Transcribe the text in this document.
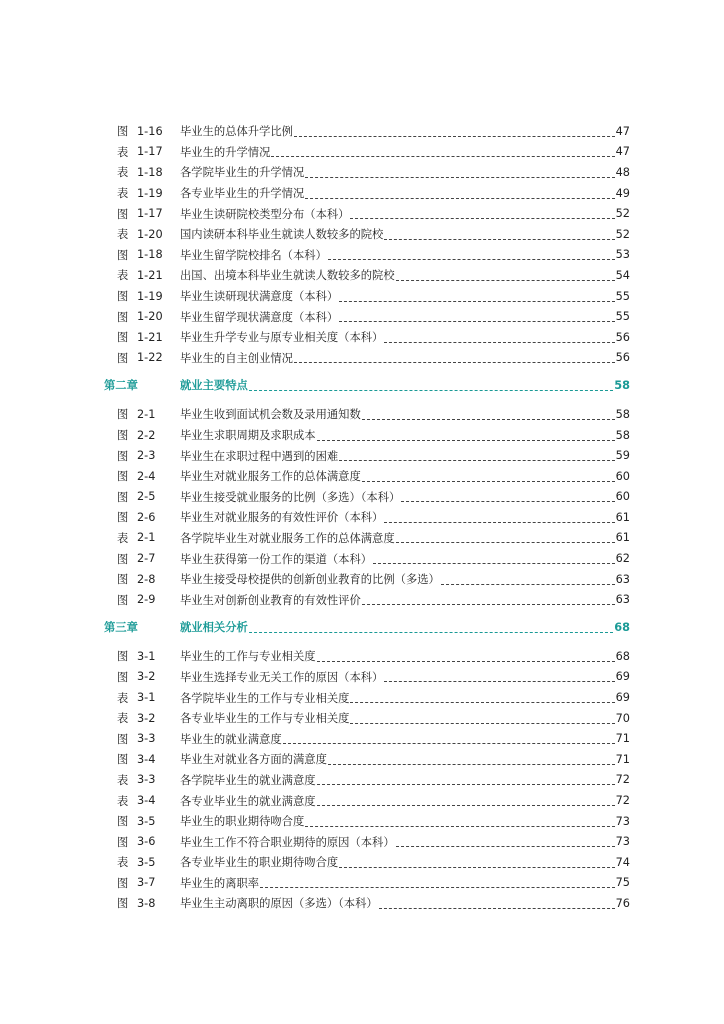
图 1-16 毕业生的总体升学比例	47
表 1-17 毕业生的升学情况	47
表 1-18 各学院毕业生的升学情况	48
表 1-19 各专业毕业生的升学情况	49
图 1-17 毕业生读研院校类型分布（本科）	52
表 1-20 国内读研本科毕业生就读人数较多的院校	52
图 1-18 毕业生留学院校排名（本科）	53
表 1-21 出国、出境本科毕业生就读人数较多的院校	54
图 1-19 毕业生读研现状满意度（本科）	55
图 1-20 毕业生留学现状满意度（本科）	55
图 1-21 毕业生升学专业与原专业相关度（本科）	56
图 1-22 毕业生的自主创业情况	56
第二章	就业主要特点	58
图 2-1 毕业生收到面试机会数及录用通知数	58
图 2-2 毕业生求职周期及求职成本	58
图 2-3 毕业生在求职过程中遇到的困难	59
图 2-4 毕业生对就业服务工作的总体满意度	60
图 2-5 毕业生接受就业服务的比例（多选）（本科）	60
图 2-6 毕业生对就业服务的有效性评价（本科）	61
表 2-1 各学院毕业生对就业服务工作的总体满意度	61
图 2-7 毕业生获得第一份工作的渠道（本科）	62
图 2-8 毕业生接受母校提供的创新创业教育的比例（多选）	63
图 2-9 毕业生对创新创业教育的有效性评价	63
第三章	就业相关分析	68
图 3-1 毕业生的工作与专业相关度	68
图 3-2 毕业生选择专业无关工作的原因（本科）	69
表 3-1 各学院毕业生的工作与专业相关度	69
表 3-2 各专业毕业生的工作与专业相关度	70
图 3-3 毕业生的就业满意度	71
图 3-4 毕业生对就业各方面的满意度	71
表 3-3 各学院毕业生的就业满意度	72
表 3-4 各专业毕业生的就业满意度	72
图 3-5 毕业生的职业期待吻合度	73
图 3-6 毕业生工作不符合职业期待的原因（本科）	73
表 3-5 各专业毕业生的职业期待吻合度	74
图 3-7 毕业生的离职率	75
图 3-8 毕业生主动离职的原因（多选）（本科）	76
